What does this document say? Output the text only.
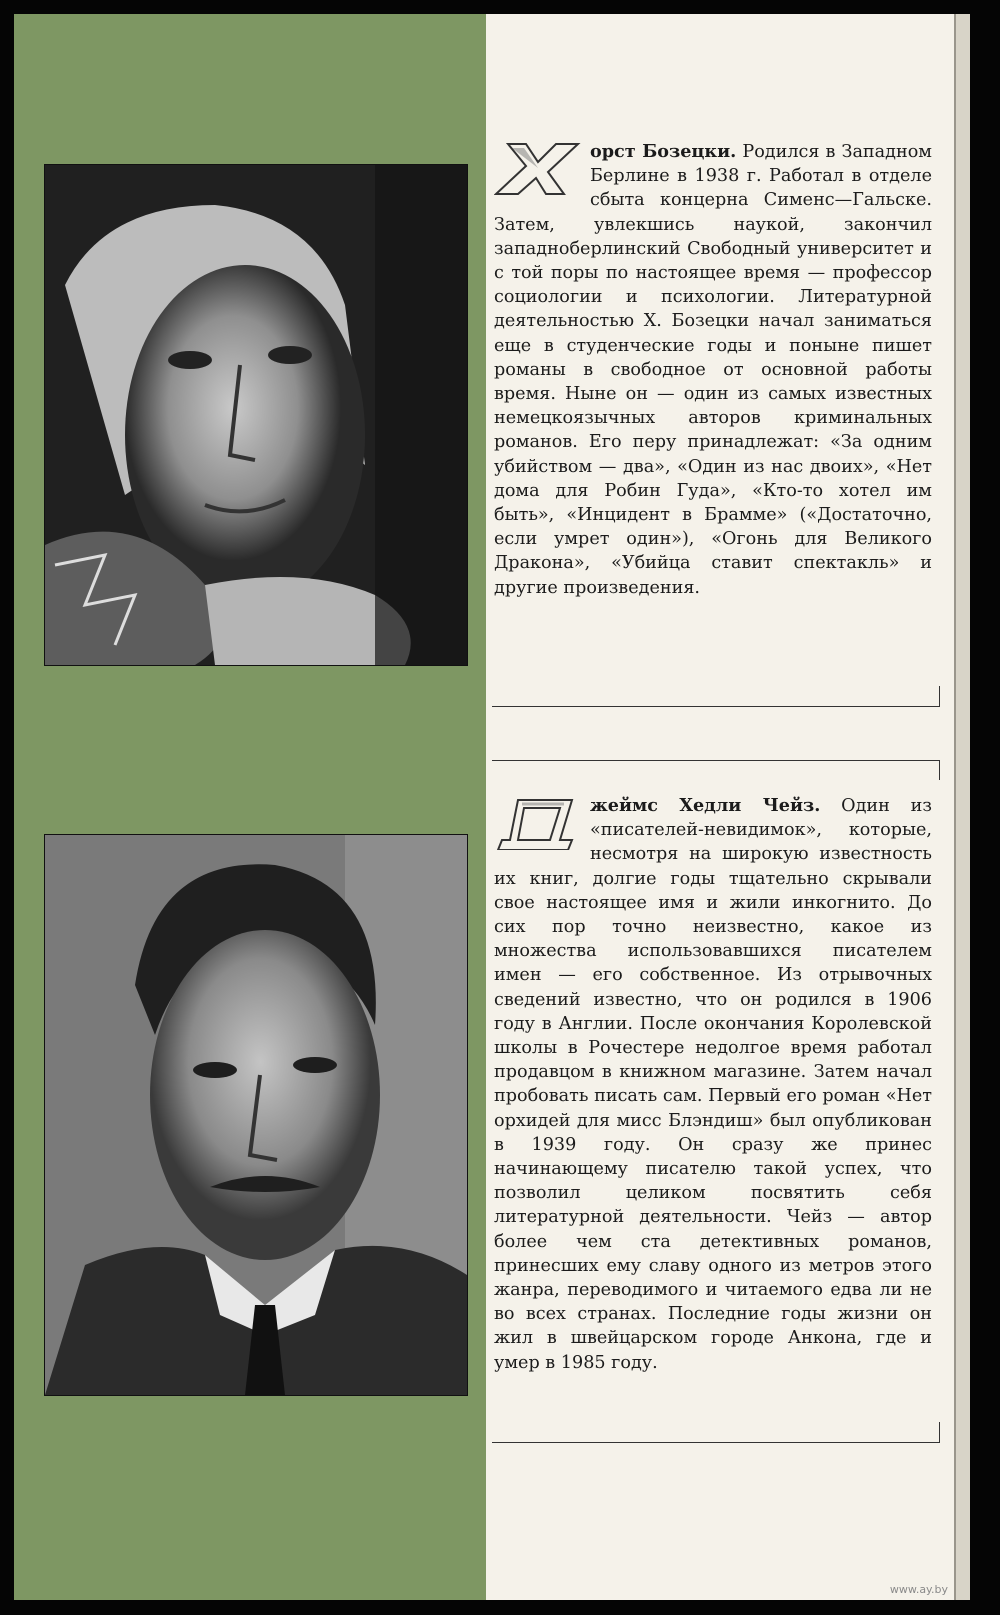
орст Бозецки. Родился в Западном Берлине в 1938 г. Работал в отделе сбыта концерна Сименс—Гальске. Затем, увлекшись наукой, закончил западноберлинский Свободный университет и с той поры по настоящее время — профессор социологии и психологии. Литературной деятельностью Х. Бозецки начал заниматься еще в студенческие годы и поныне пишет романы в свободное от основной работы время. Ныне он — один из самых известных немецкоязычных авторов криминальных романов. Его перу принадлежат: «За одним убийством — два», «Один из нас двоих», «Нет дома для Робин Гуда», «Кто-то хотел им быть», «Инцидент в Брамме» («Достаточно, если умрет один»), «Огонь для Великого Дракона», «Убийца ставит спектакль» и другие произведения.
жеймс Хедли Чейз. Один из «писателей-невидимок», которые, несмотря на широкую известность их книг, долгие годы тщательно скрывали свое настоящее имя и жили инкогнито. До сих пор точно неизвестно, какое из множества использовавшихся писателем имен — его собственное. Из отрывочных сведений известно, что он родился в 1906 году в Англии. После окончания Королевской школы в Рочестере недолгое время работал продавцом в книжном магазине. Затем начал пробовать писать сам. Первый его роман «Нет орхидей для мисс Блэндиш» был опубликован в 1939 году. Он сразу же принес начинающему писателю такой успех, что позволил целиком посвятить себя литературной деятельности. Чейз — автор более чем ста детективных романов, принесших ему славу одного из метров этого жанра, переводимого и читаемого едва ли не во всех странах. Последние годы жизни он жил в швейцарском городе Анкона, где и умер в 1985 году.
www.ay.by
